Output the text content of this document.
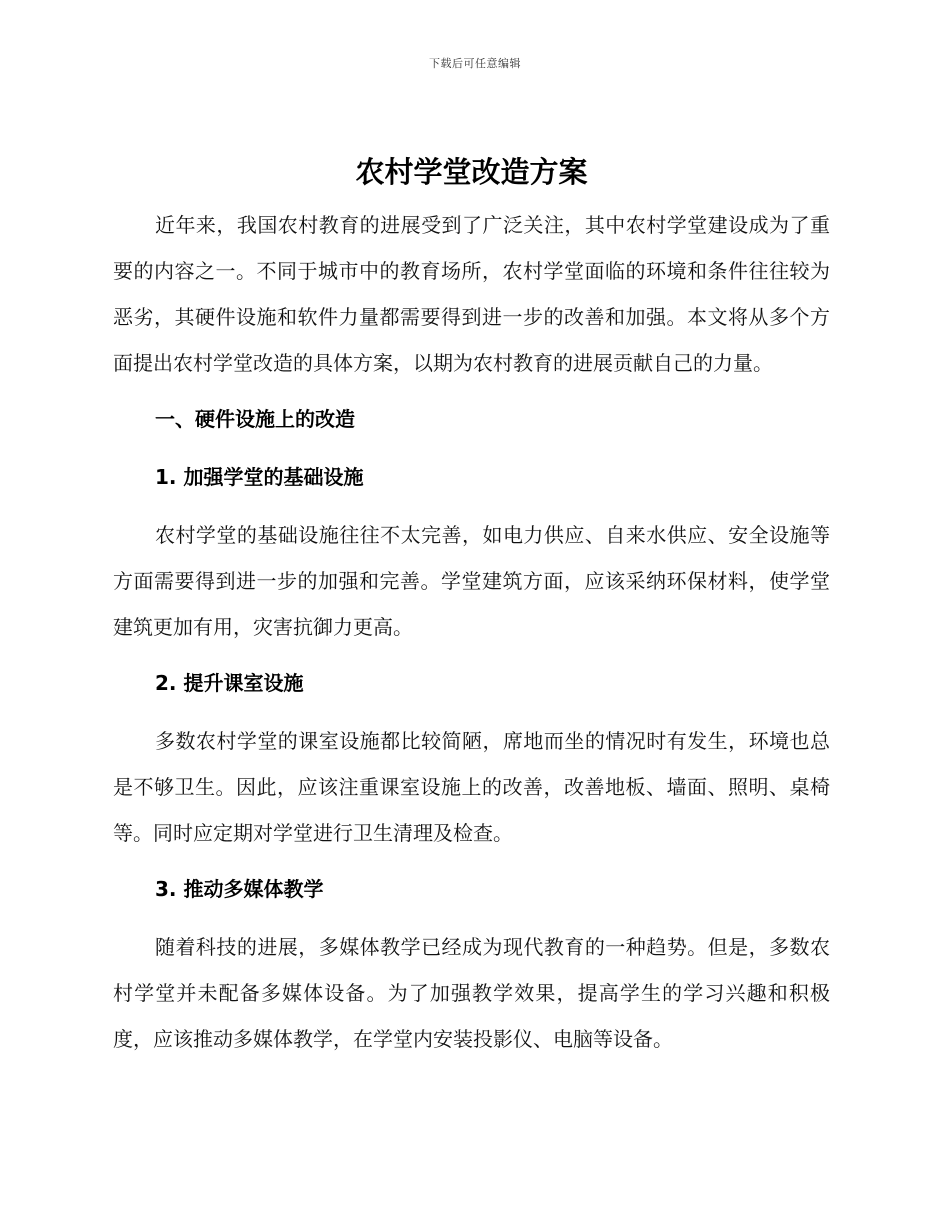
下载后可任意编辑
农村学堂改造方案

近年来，我国农村教育的进展受到了广泛关注，其中农村学堂建设成为了重要的内容之一。不同于城市中的教育场所，农村学堂面临的环境和条件往往较为恶劣，其硬件设施和软件力量都需要得到进一步的改善和加强。本文将从多个方面提出农村学堂改造的具体方案，以期为农村教育的进展贡献自己的力量。

一、硬件设施上的改造
1. 加强学堂的基础设施

农村学堂的基础设施往往不太完善，如电力供应、自来水供应、安全设施等方面需要得到进一步的加强和完善。学堂建筑方面，应该采纳环保材料，使学堂建筑更加有用，灾害抗御力更高。

2. 提升课室设施

多数农村学堂的课室设施都比较简陋，席地而坐的情况时有发生，环境也总是不够卫生。因此，应该注重课室设施上的改善，改善地板、墙面、照明、桌椅等。同时应定期对学堂进行卫生清理及检查。

3. 推动多媒体教学

随着科技的进展，多媒体教学已经成为现代教育的一种趋势。但是，多数农村学堂并未配备多媒体设备。为了加强教学效果，提高学生的学习兴趣和积极度，应该推动多媒体教学，在学堂内安装投影仪、电脑等设备。
